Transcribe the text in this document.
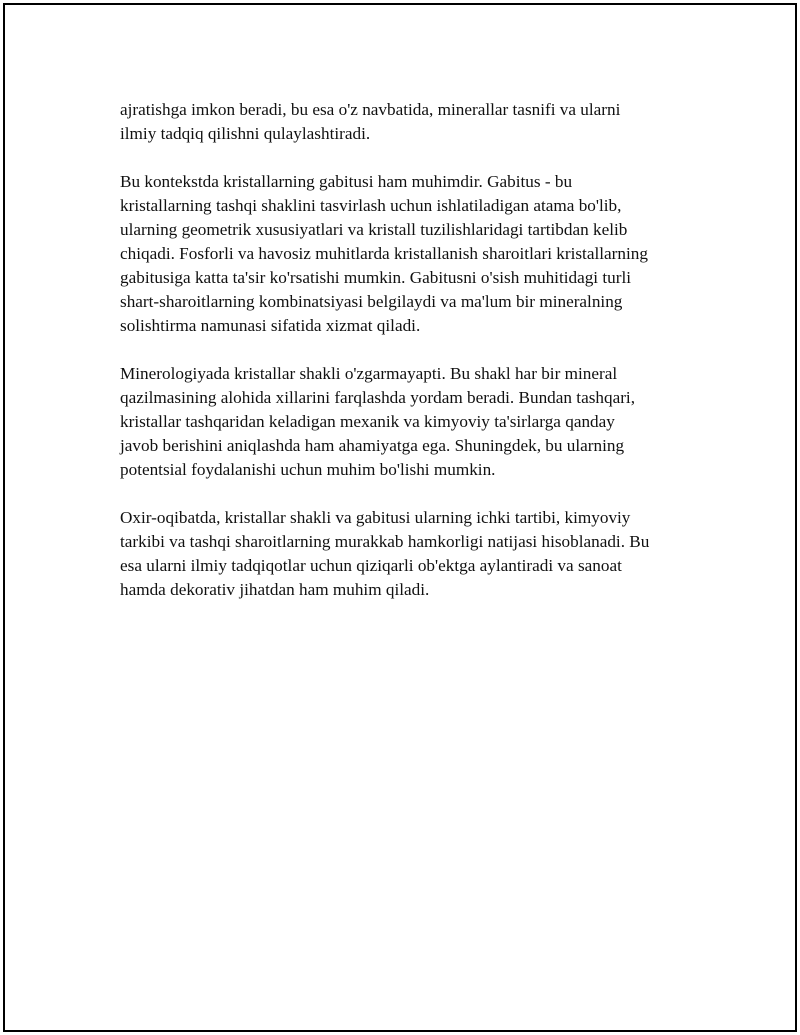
ajratishga imkon beradi, bu esa o'z navbatida, minerallar tasnifi va ularni
ilmiy tadqiq qilishni qulaylashtiradi.

Bu kontekstda kristallarning gabitusi ham muhimdir. Gabitus - bu
kristallarning tashqi shaklini tasvirlash uchun ishlatiladigan atama bo'lib,
ularning geometrik xususiyatlari va kristall tuzilishlaridagi tartibdan kelib
chiqadi. Fosforli va havosiz muhitlarda kristallanish sharoitlari kristallarning
gabitusiga katta ta'sir ko'rsatishi mumkin. Gabitusni o'sish muhitidagi turli
shart-sharoitlarning kombinatsiyasi belgilaydi va ma'lum bir mineralning
solishtirma namunasi sifatida xizmat qiladi.

Minerologiyada kristallar shakli o'zgarmayapti. Bu shakl har bir mineral
qazilmasining alohida xillarini farqlashda yordam beradi. Bundan tashqari,
kristallar tashqaridan keladigan mexanik va kimyoviy ta'sirlarga qanday
javob berishini aniqlashda ham ahamiyatga ega. Shuningdek, bu ularning
potentsial foydalanishi uchun muhim bo'lishi mumkin.

Oxir-oqibatda, kristallar shakli va gabitusi ularning ichki tartibi, kimyoviy
tarkibi va tashqi sharoitlarning murakkab hamkorligi natijasi hisoblanadi. Bu
esa ularni ilmiy tadqiqotlar uchun qiziqarli ob'ektga aylantiradi va sanoat
hamda dekorativ jihatdan ham muhim qiladi.
